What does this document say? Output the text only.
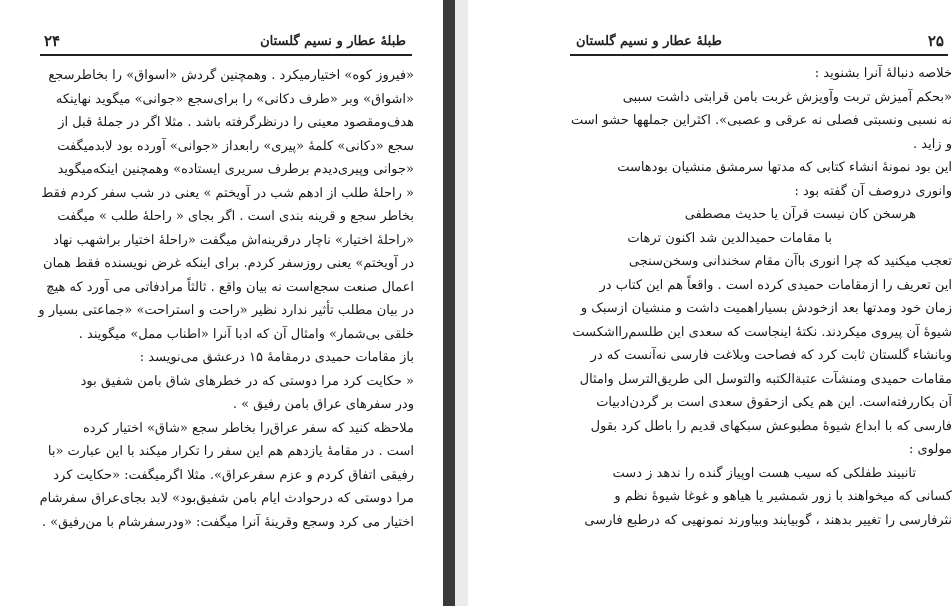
۲۴	طبلهٔ عطار و نسیم گلستان
«فیروز کوه» اختیارمیکرد . وهمچنین گردش «اسواق» را بخاطرسجع
«اشواق» وبر «طرف دکانی» را برای‌سجع «جوانی» میگوید نهاینکه
هدف‌ومقصود معینی را درنظرگرفته باشد . مثلا اگر در جملهٔ قبل از
سجع «دکانی» کلمهٔ «پیری» رابعداز «جوانی» آورده بود لابدمیگفت
«جوانی وپیری‌دیدم برطرف سریری ایستاده» وهمچنین اینکه‌میگوید
« راحلهٔ طلب از ادهم شب در آویختم » یعنی در شب سفر کردم فقط
بخاطر سجع و قرینه بندی است . اگر بجای « راحلهٔ طلب » میگفت
«راحلهٔ اختیار» ناچار درقرینه‌اش میگفت «راحلهٔ اختیار براشهب نهاد
در آویختم» یعنی روزسفر کردم. برای اینکه غرض نویسنده فقط همان
اعمال صنعت سجع‌است نه بیان واقع . ثالثاً مرادفاتی می آورد که هیچ
در بیان مطلب تأثیر ندارد نظیر «راحت و استراحت» «جماعتی بسیار و
خلقی بی‌شمار» وامثال آن که ادبا آنرا «اطناب ممل» میگویند .
باز مقامات حمیدی درمقامهٔ ۱۵ درعشق می‌نویسد :
« حکایت کرد مرا دوستی که در خطرهای شاق بامن شفیق بود
ودر سفرهای عراق بامن رفیق » .
ملاحظه کنید که سفر عراق‌را بخاطر سجع «شاق» اختیار کرده
است . در مقامهٔ یازدهم هم این سفر را تکرار میکند با این عبارت «با
رفیقی اتفاق کردم و عزم سفرعراق». مثلا اگرمیگفت: «حکایت کرد
مرا دوستی که درحوادث ایام بامن شفیق‌بود» لابد بجای‌عراق سفرشام
اختیار می کرد وسجع وقرینهٔ آنرا میگفت: «ودرسفرشام با من‌رفیق» .
طبلهٔ عطار و نسیم گلستان	۲۵
خلاصه دنبالهٔ آنرا بشنوید :
«بحکم آمیزش تربت وآویزش غربت بامن قرابتی داشت سببی
نه نسبی ونسبتی فصلی نه عرقی و عصبی». اکثراین جملهها حشو است
و زاید .
این بود نمونهٔ انشاء کتابی که مدتها سرمشق منشیان بودهاست
وانوری دروصف آن گفته بود :
هرسخن کان نیست قرآن یا حدیث مصطفی
با مقامات حمیدالدین شد اکنون ترهات
تعجب میکنید که چرا انوری باآن مقام سخندانی وسخن‌سنجی
این تعریف را ازمقامات حمیدی کرده است . واقعاً هم این کتاب در
زمان خود ومدتها بعد ازخودش بسیاراهمیت داشت و منشیان ازسبک و
شیوهٔ آن پیروی میکردند. نکتهٔ اینجاست که سعدی این طلسم‌رااشکست
وبانشاء گلستان ثابت کرد که فصاحت وبلاغت فارسی نه‌آنست که در
مقامات حمیدی ومنشآت عتبةالکتبه والتوسل الی طریق‌الترسل وامثال
آن بکاررفته‌است. این هم یکی ازحقوق سعدی است بر گردن‌ادبیات
فارسی که با ابداع شیوهٔ مطبوعش سبکهای قدیم را باطل کرد بقول
مولوی :
تانبیند طفلکی که سیب هست اوپیاز گنده را ندهد ز دست
کسانی که میخواهند با زور شمشیر یا هیاهو و غوغا شیوهٔ نظم و
نثرفارسی را تغییر بدهند ، گوبیایند وبیاورند نمونهیی که درطبع فارسی
